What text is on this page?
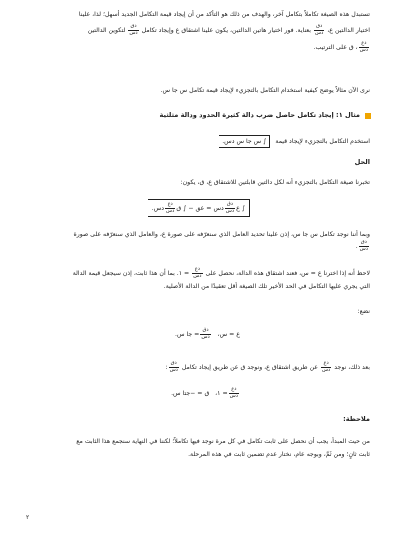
تستبدل هذه الصيغة تكاملاً بتكامل آخر، والهدف من ذلك هو التأكد من أن إيجاد قيمة التكامل الجديد أسهل؛ لذا، علينا
اختيار الدالتين ع،
$\frac{\text{دق}}{\text{دس}}$
بعناية. فور اختيار هاتين الدالتين، يكون علينا اشتقاق ع وإيجاد تكامل
$\frac{\text{دق}}{\text{دس}}$
لتكوين الدالتين
$\frac{\text{دع}}{\text{دس}}$
، ق على الترتيب.
نرى الآن مثالاً يوضح كيفية استخدام التكامل بالتجزيء لإيجاد قيمة تكامل س جا س.
مثال ١: إيجاد تكامل حاصل ضرب دالة كثيرة الحدود ودالة مثلثية
استخدم التكامل بالتجزيء لإيجاد قيمة ∫ س جا س دس.
الحل
تخبرنا صيغة التكامل بالتجزيء أنه لكل دالتين قابلتين للاشتقاق ع، ق، يكون:
∫ ع
$\frac{\text{دق}}{\text{دس}}$
دس = عق − ∫ ق
$\frac{\text{دع}}{\text{دس}}$
دس.
وبما أننا نوجد تكامل س جا س، إذن علينا تحديد العامل الذي سنعرّفه على صورة ع، والعامل الذي سنعرّفه على صورة
$\frac{\text{دق}}{\text{دس}}$
.
لاحظ أنه إذا اخترنا ع = س، فعند اشتقاق هذه الدالة، نحصل على
$\frac{\text{دع}}{\text{دس}}$
= ١. بما أن هذا ثابت، إذن سيجعل قيمة الدالة
التي يجري عليها التكامل في الحد الأخير تلك الصيغة أقل تعقيدًا من الدالة الأصلية.
نضع:
ع = س،
$\frac{\text{دق}}{\text{دس}}$
= جا س.
بعد ذلك، نوجد
$\frac{\text{دع}}{\text{دس}}$
عن طريق اشتقاق ع، ونوجد ق عن طريق إيجاد تكامل
$\frac{\text{دق}}{\text{دس}}$
:
$\frac{\text{دع}}{\text{دس}}$
= ١،   ق = −جتا س.
ملاحظة:
من حيث المبدأ، يجب أن نحصل على ثابت تكامل في كل مرة نوجد فيها تكاملاً؛ لكننا في النهاية سنجمع هذا الثابت مع
ثابت ثانٍ؛ ومن ثَمَّ، وبوجه عام، نختار عدم تضمين ثابت في هذه المرحلة.
٢
